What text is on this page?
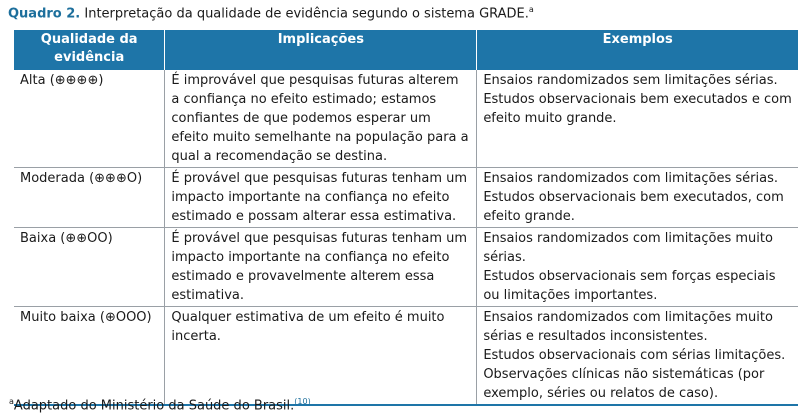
Quadro 2. Interpretação da qualidade de evidência segundo o sistema GRADE.$^a$
Qualidade da evidência	Implicações	Exemplos
Alta (⊕⊕⊕⊕)	É improvável que pesquisas futuras alterem a confiança no efeito estimado; estamos confiantes de que podemos esperar um efeito muito semelhante na população para a qual a recomendação se destina.	Ensaios randomizados sem limitações sérias.
Estudos observacionais bem executados e com efeito muito grande.

Moderada (⊕⊕⊕O)	É provável que pesquisas futuras tenham um impacto importante na confiança no efeito estimado e possam alterar essa estimativa.	Ensaios randomizados com limitações sérias.
Estudos observacionais bem executados, com efeito grande.

Baixa (⊕⊕OO)	É provável que pesquisas futuras tenham um impacto importante na confiança no efeito estimado e provavelmente alterem essa estimativa.	Ensaios randomizados com limitações muito sérias.
Estudos observacionais sem forças especiais ou limitações importantes.

Muito baixa (⊕OOO)	Qualquer estimativa de um efeito é muito incerta.	Ensaios randomizados com limitações muito sérias e resultados inconsistentes.
Estudos observacionais com sérias limitações.
Observações clínicas não sistemáticas (por exemplo, séries ou relatos de caso).
$^a$Adaptado do Ministério da Saúde do Brasil.$^{(10)}$
